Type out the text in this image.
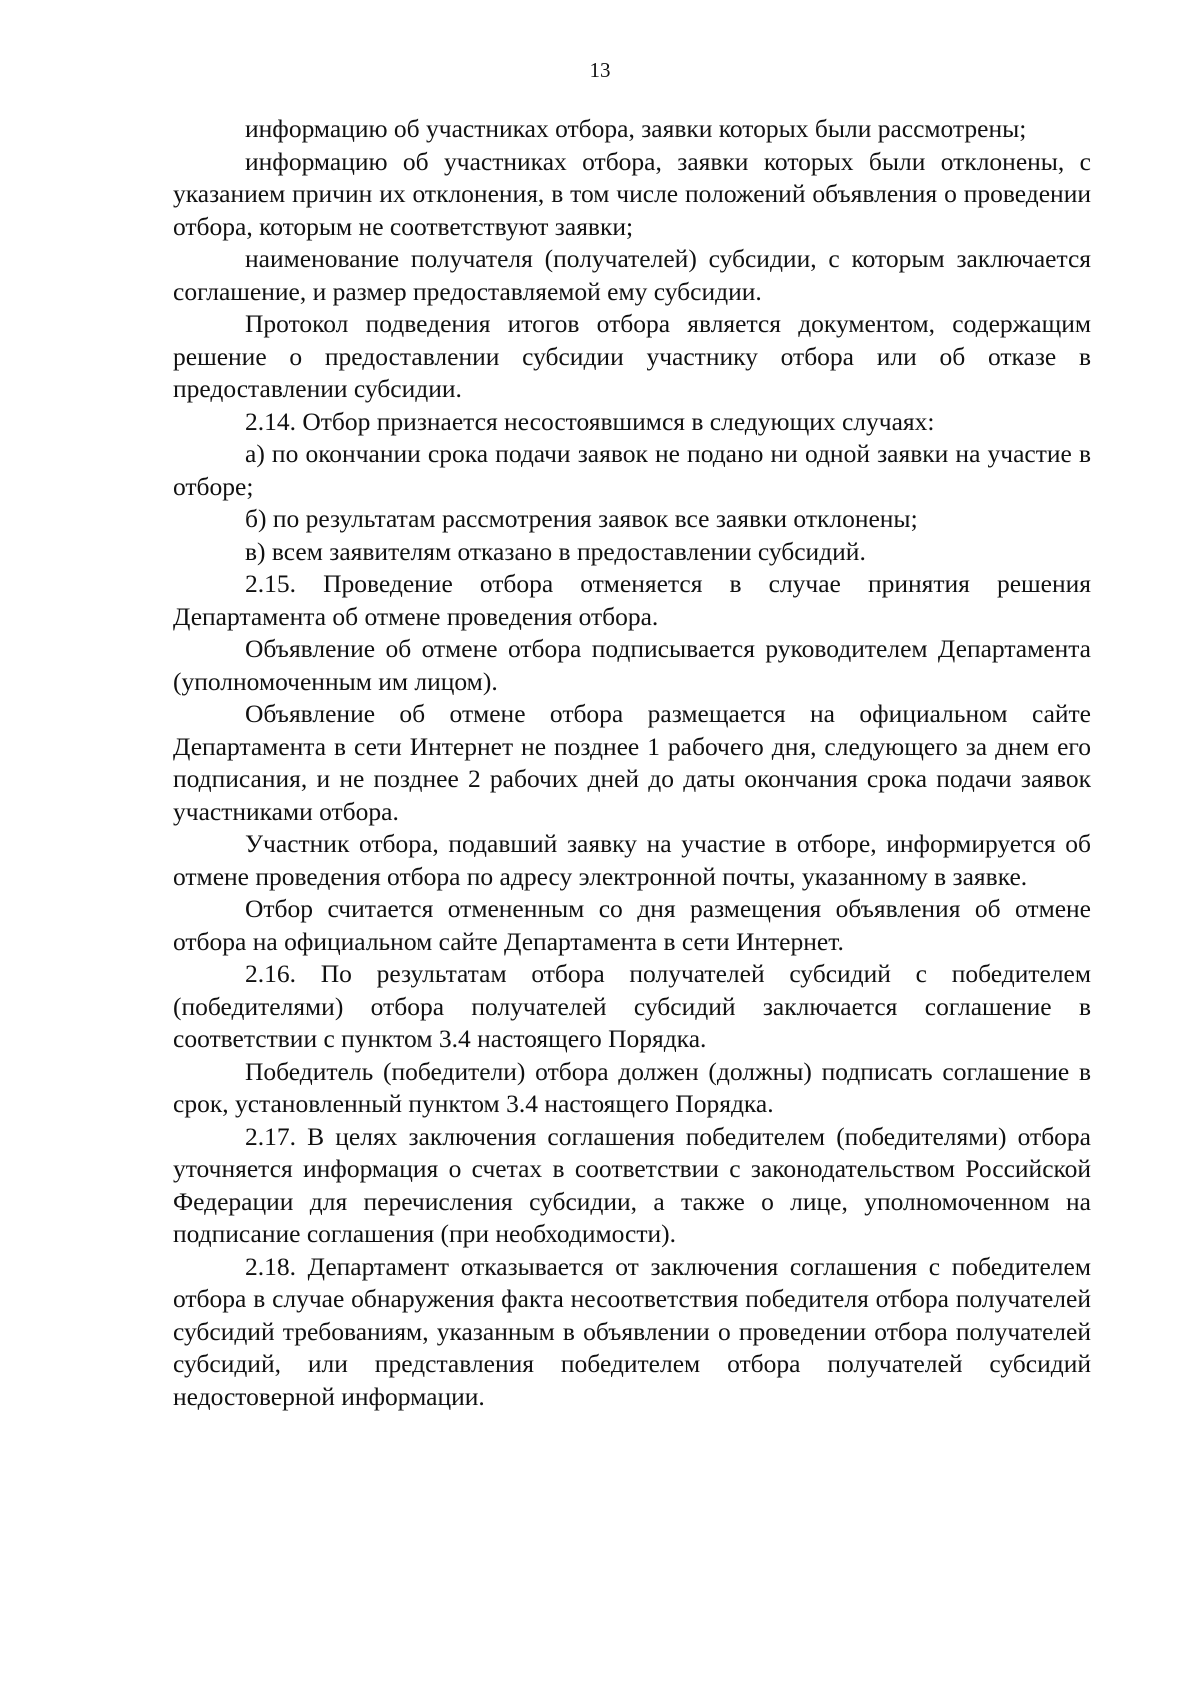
13

информацию об участниках отбора, заявки которых были рассмотрены;

информацию об участниках отбора, заявки которых были отклонены, с указанием причин их отклонения, в том числе положений объявления о проведении отбора, которым не соответствуют заявки;

наименование получателя (получателей) субсидии, с которым заключается соглашение, и размер предоставляемой ему субсидии.

Протокол подведения итогов отбора является документом, содержащим решение о предоставлении субсидии участнику отбора или об отказе в предоставлении субсидии.

2.14. Отбор признается несостоявшимся в следующих случаях:

а) по окончании срока подачи заявок не подано ни одной заявки на участие в отборе;

б) по результатам рассмотрения заявок все заявки отклонены;

в) всем заявителям отказано в предоставлении субсидий.

2.15. Проведение отбора отменяется в случае принятия решения Департамента об отмене проведения отбора.

Объявление об отмене отбора подписывается руководителем Департамента (уполномоченным им лицом).

Объявление об отмене отбора размещается на официальном сайте Департамента в сети Интернет не позднее 1 рабочего дня, следующего за днем его подписания, и не позднее 2 рабочих дней до даты окончания срока подачи заявок участниками отбора.

Участник отбора, подавший заявку на участие в отборе, информируется об отмене проведения отбора по адресу электронной почты, указанному в заявке.

Отбор считается отмененным со дня размещения объявления об отмене отбора на официальном сайте Департамента в сети Интернет.

2.16. По результатам отбора получателей субсидий с победителем (победителями) отбора получателей субсидий заключается соглашение в соответствии с пунктом 3.4 настоящего Порядка.

Победитель (победители) отбора должен (должны) подписать соглашение в срок, установленный пунктом 3.4 настоящего Порядка.

2.17. В целях заключения соглашения победителем (победителями) отбора уточняется информация о счетах в соответствии с законодательством Российской Федерации для перечисления субсидии, а также о лице, уполномоченном на подписание соглашения (при необходимости).

2.18. Департамент отказывается от заключения соглашения с победителем отбора в случае обнаружения факта несоответствия победителя отбора получателей субсидий требованиям, указанным в объявлении о проведении отбора получателей субсидий, или представления победителем отбора получателей субсидий недостоверной информации.
